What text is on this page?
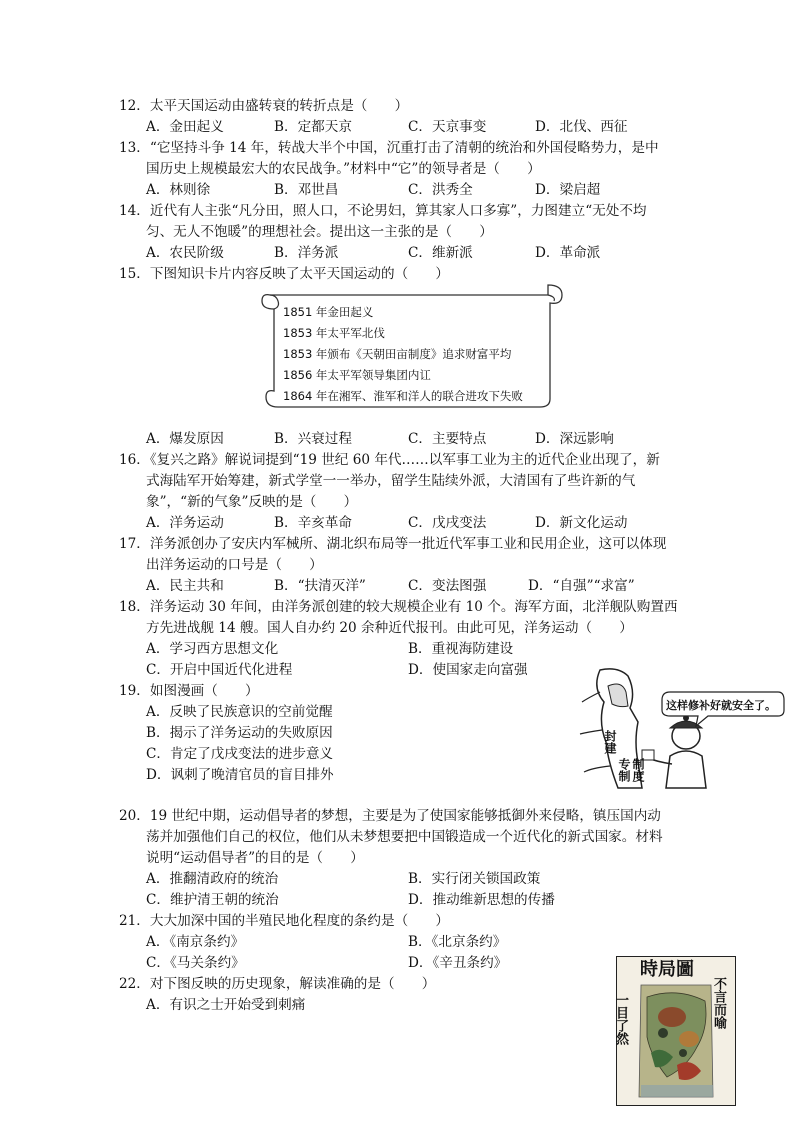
12．太平天国运动由盛转衰的转折点是（　　）
A．金田起义	B．定都天京	C．天京事变	D．北伐、西征
13．“它坚持斗争 14 年，转战大半个中国，沉重打击了清朝的统治和外国侵略势力，是中
国历史上规模最宏大的农民战争。”材料中“它”的领导者是（　　）
A．林则徐	B．邓世昌	C．洪秀全	D．梁启超
14．近代有人主张“凡分田，照人口，不论男妇，算其家人口多寡”，力图建立“无处不均
匀、无人不饱暖”的理想社会。提出这一主张的是（　　）
A．农民阶级	B．洋务派	C．维新派	D．革命派
15．下图知识卡片内容反映了太平天国运动的（　　）
1851 年金田起义
1853 年太平军北伐
1853 年颁布《天朝田亩制度》追求财富平均
1856 年太平军领导集团内讧
1864 年在湘军、淮军和洋人的联合进攻下失败
A．爆发原因	B．兴衰过程	C．主要特点	D．深远影响
16．《复兴之路》解说词提到“19 世纪 60 年代……以军事工业为主的近代企业出现了，新
式海陆军开始筹建，新式学堂一一举办，留学生陆续外派，大清国有了些许新的气
象”，“新的气象”反映的是（　　）
A．洋务运动	B．辛亥革命	C．戊戌变法	D．新文化运动
17．洋务派创办了安庆内军械所、湖北织布局等一批近代军事工业和民用企业，这可以体现
出洋务运动的口号是（　　）
A．民主共和	B．“扶清灭洋”	C．变法图强	D．“自强”“求富”
18．洋务运动 30 年间，由洋务派创建的较大规模企业有 10 个。海军方面，北洋舰队购置西
方先进战舰 14 艘。国人自办约 20 余种近代报刊。由此可见，洋务运动（　　）
A．学习西方思想文化	B．重视海防建设
C．开启中国近代化进程	D．使国家走向富强
19．如图漫画（　　）
A．反映了民族意识的空前觉醒
B．揭示了洋务运动的失败原因
C．肯定了戊戌变法的进步意义
D．讽刺了晚清官员的盲目排外
这样修补好就安全了。
封建
专制 制度
20．19 世纪中期，运动倡导者的梦想，主要是为了使国家能够抵御外来侵略，镇压国内动
荡并加强他们自己的权位，他们从未梦想要把中国锻造成一个近代化的新式国家。材料
说明“运动倡导者”的目的是（　　）
A．推翻清政府的统治	B．实行闭关锁国政策
C．维护清王朝的统治	D．推动维新思想的传播
21．大大加深中国的半殖民地化程度的条约是（　　）
A．《南京条约》	B．《北京条约》
C．《马关条约》	D．《辛丑条约》
22．对下图反映的历史现象，解读准确的是（　　）
A．有识之士开始受到刺痛
圖局時
不言而喻
一目了然
